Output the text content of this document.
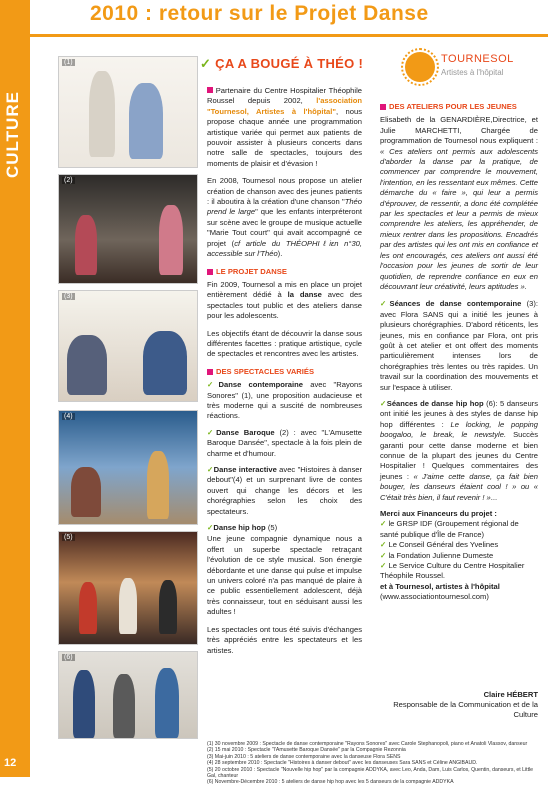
CULTURE
12
2010 : retour sur le Projet Danse
(1)
(2)
(3)
(4)
(5)
(6)
✓ ÇA A BOUGÉ À THÉO !	TOURNESOL
Artistes à l'hôpital

Partenaire du Centre Hospitalier Théophile Roussel depuis 2002, l'association "Tournesol, Artistes à l'hôpital", nous propose chaque année une programmation artistique variée qui permet aux patients de pouvoir assister à plusieurs concerts dans notre salle de spectacles, toujours des moments de plaisir et d'évasion !

En 2008, Tournesol nous propose un atelier création de chanson avec des jeunes patients : il aboutira à la création d'une chanson "Théo prend le large" que les enfants interpréteront sur scène avec le groupe de musique actuelle "Marie Tout court" qui avait accompagné ce projet (cf article du THÉOPHIℓiεn n°30, accessible sur l'Théo).

LE PROJET DANSE

Fin 2009, Tournesol a mis en place un projet entièrement dédié à la danse avec des spectacles tout public et des ateliers danse pour les adolescents.

Les objectifs étant de découvrir la danse sous différentes facettes : pratique artistique, cycle de spectacles et rencontres avec les artistes.

DES SPECTACLES VARIÉS
✓Danse contemporaine avec "Rayons Sonores" (1), une proposition audacieuse et très moderne qui a suscité de nombreuses réactions.
✓Danse Baroque (2) : avec "L'Amusette Baroque Dansée", spectacle à la fois plein de charme et d'humour.
✓Danse interactive avec "Histoires à danser debout"(4) et un surprenant livre de contes ouvert qui change les décors et les chorégraphies selon les choix des spectateurs.
✓Danse hip hop (5)

Une jeune compagnie dynamique nous a offert un superbe spectacle retraçant l'évolution de ce style musical. Son énergie débordante et une danse qui pulse et impulse un univers coloré n'a pas manqué de plaire à ce public essentiellement adolescent, déjà très connaisseur, tout en séduisant aussi les adultes !

Les spectacles ont tous été suivis d'échanges très appréciés entre les spectateurs et les artistes.

DES ATELIERS POUR LES JEUNES

Elisabeth de la GENARDIÈRE,Directrice, et Julie MARCHETTI, Chargée de programmation de Tournesol nous expliquent : « Ces ateliers ont permis aux adolescents d'aborder la danse par la pratique, de commencer par comprendre le mouvement, l'intention, en les ressentant eux mêmes. Cette démarche du « faire », qui leur a permis d'éprouver, de ressentir, a donc été complétée par les spectacles et leur a permis de mieux comprendre les ateliers, les appréhender, de mieux rentrer dans les propositions. Encadrés par des artistes qui les ont mis en confiance et les ont encouragés, ces ateliers ont aussi été l'occasion pour les jeunes de sortir de leur quotidien, de reprendre confiance en eux en découvrant leur créativité, leurs aptitudes ».

✓Séances de danse contemporaine (3): avec Flora SANS qui a initié les jeunes à plusieurs chorégraphies. D'abord réticents, les jeunes, mis en confiance par Flora, ont pris goût à cet atelier et ont offert des moments particulièrement intenses lors de chorégraphies très lentes ou très rapides. Un travail sur la coordination des mouvements et sur l'espace à utiliser.
✓Séances de danse hip hop (6): 5 danseurs ont initié les jeunes à des styles de danse hip hop différentes : Le locking, le popping boogaloo, le break, le newstyle. Succès garanti pour cette danse moderne et bien connue de la plupart des jeunes du Centre Hospitalier ! Quelques commentaires des jeunes : « J'aime cette danse, ça fait bien bouger, les danseurs étaient cool ! » ou « C'était très bien, il faut revenir ! »...
Merci aux Financeurs du projet :
✓ le GRSP IDF (Groupement régional de santé publique d'Île de France)
✓ Le Conseil Général des Yvelines
✓ la Fondation Julienne Dumeste
✓ Le Service Culture du Centre Hospitalier Théophile Roussel.
et à Tournesol, artistes à l'hôpital
(www.associationtournesol.com)
Claire HÉBERT
Responsable de la Communication et de la Culture
(1) 30 novembre 2009 : Spectacle de danse contemporaine "Rayons Sonores" avec Carole Stephanopoli, piano et Anatoli Vlassov, danseur
(2) 15 mai 2010 : Spectacle "l'Amusette Baroque Dansée" par la Compagnie Rezonnia
(3) Mai-juin 2010 : 5 ateliers de danse contemporaine avec la danseuse Flora SENS
(4) 28 septembre 2010 : Spectacle "Histoires à danser debout" avec les danseuses Sara SANS et Céline ANGIBAUD.
(5) 20 octobre 2010 : Spectacle "Nouvelle hip hop" par la compagnie ADDYKA, avec Leo, Anda, Dam, Luis Carlos, Quentin, danseurs, et Little Gal, chanteur
(6) Novembre-Décembre 2010 : 5 ateliers de danse hip hop avec les 5 danseurs de la compagnie ADDYKA
